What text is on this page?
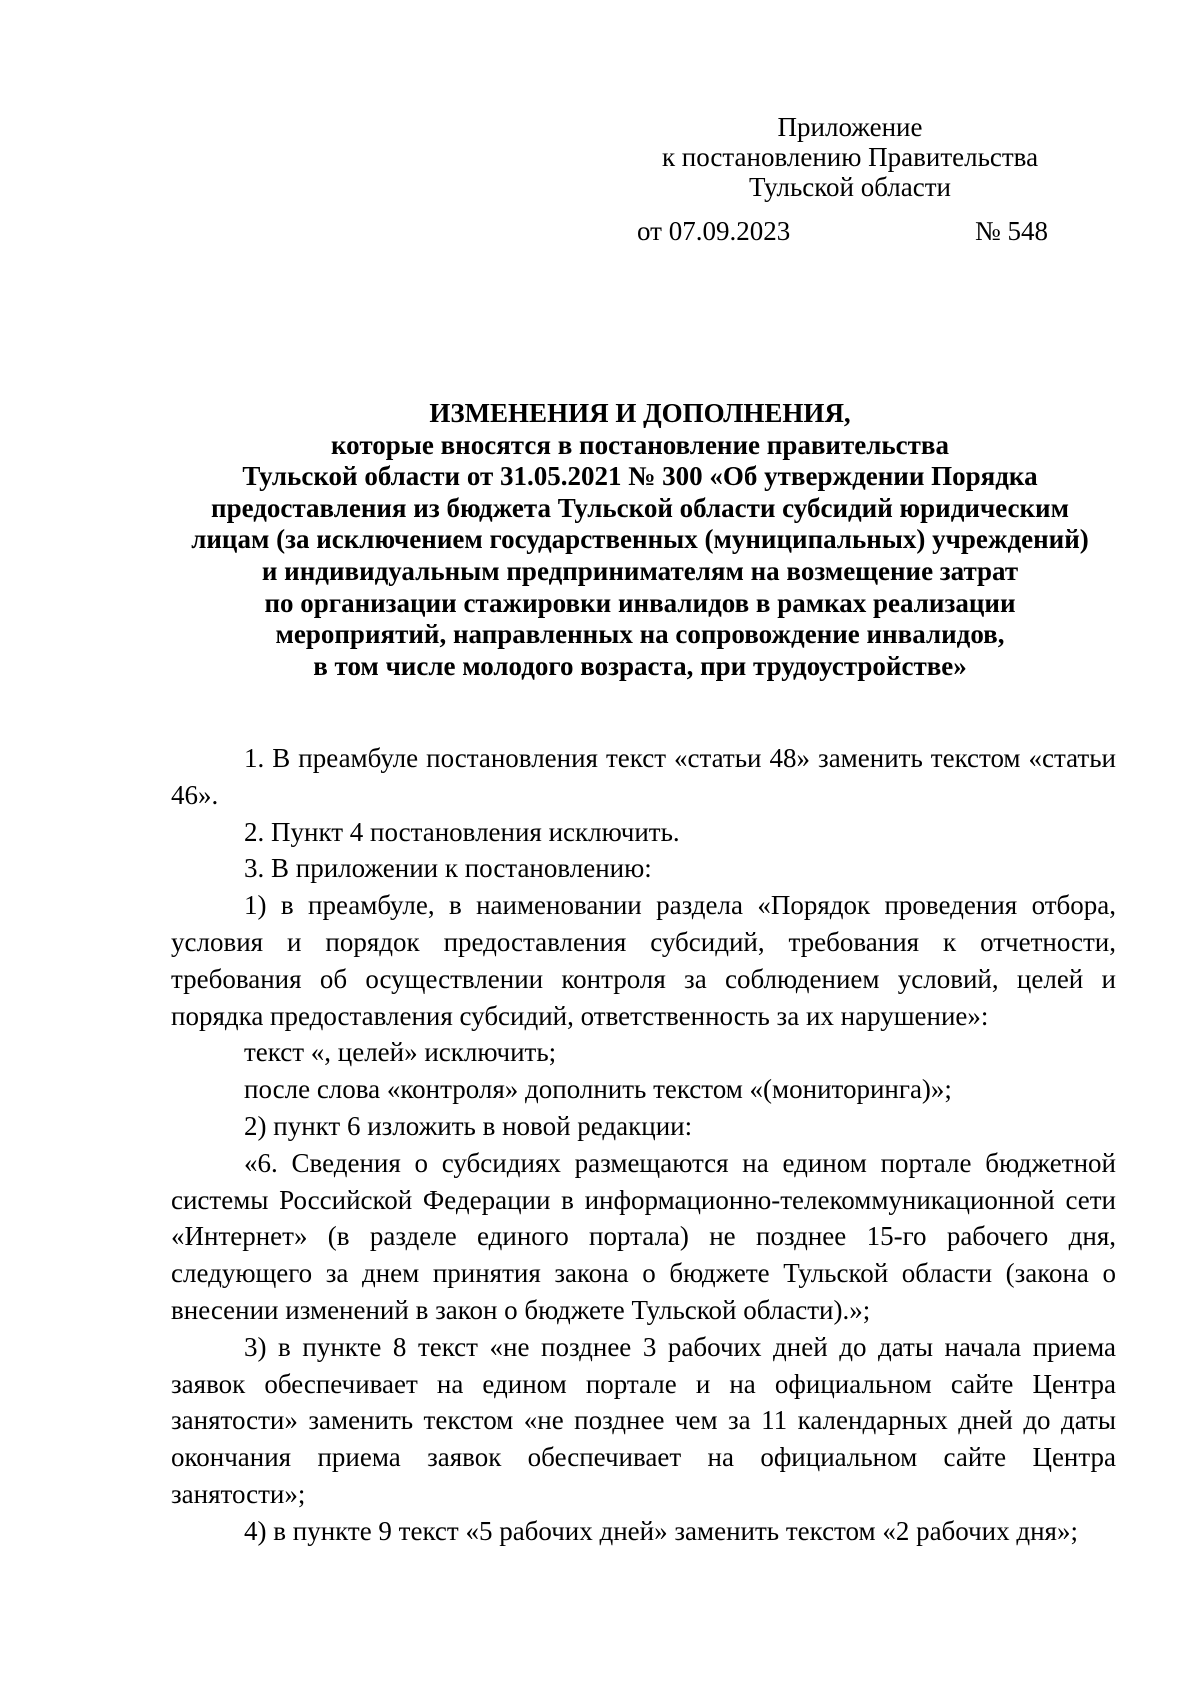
Приложение
к постановлению Правительства
Тульской области
от 07.09.2023	№ 548
ИЗМЕНЕНИЯ И ДОПОЛНЕНИЯ,
которые вносятся в постановление правительства
Тульской области от 31.05.2021 № 300 «Об утверждении Порядка
предоставления из бюджета Тульской области субсидий юридическим
лицам (за исключением государственных (муниципальных) учреждений)
и индивидуальным предпринимателям на возмещение затрат
по организации стажировки инвалидов в рамках реализации
мероприятий, направленных на сопровождение инвалидов,
в том числе молодого возраста, при трудоустройстве»

1. В преамбуле постановления текст «статьи 48» заменить текстом «статьи 46».

2. Пункт 4 постановления исключить.

3. В приложении к постановлению:

1) в преамбуле, в наименовании раздела «Порядок проведения отбора, условия и порядок предоставления субсидий, требования к отчетности, требования об осуществлении контроля за соблюдением условий, целей и порядка предоставления субсидий, ответственность за их нарушение»:

текст «, целей» исключить;

после слова «контроля» дополнить текстом «(мониторинга)»;

2) пункт 6 изложить в новой редакции:

«6. Сведения о субсидиях размещаются на едином портале бюджетной системы Российской Федерации в информационно-телекоммуникационной сети «Интернет» (в разделе единого портала) не позднее 15-го рабочего дня, следующего за днем принятия закона о бюджете Тульской области (закона о внесении изменений в закон о бюджете Тульской области).»;

3) в пункте 8 текст «не позднее 3 рабочих дней до даты начала приема заявок обеспечивает на едином портале и на официальном сайте Центра занятости» заменить текстом «не позднее чем за 11 календарных дней до даты окончания приема заявок обеспечивает на официальном сайте Центра занятости»;

4) в пункте 9 текст «5 рабочих дней» заменить текстом «2 рабочих дня»;
